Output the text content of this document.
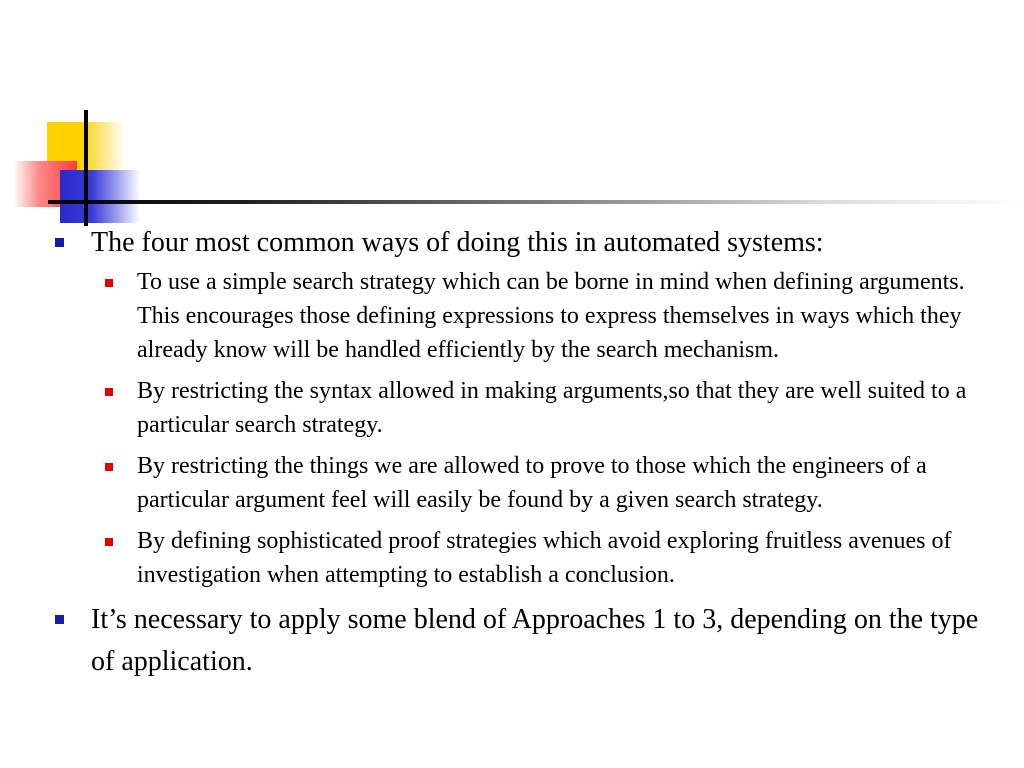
The four most common ways of doing this in automated systems:
To use a simple search strategy which can be borne in mind when defining arguments. This encourages those defining expressions to express themselves in ways which they already know will be handled efficiently by the search mechanism.
By restricting the syntax allowed in making arguments,so that they are well suited to a particular search strategy.
By restricting the things we are allowed to prove to those which the engineers of a particular argument feel will easily be found by a given search strategy.
By defining sophisticated proof strategies which avoid exploring fruitless avenues of investigation when attempting to establish a conclusion.
It’s necessary to apply some blend of Approaches 1 to 3, depending on the type of application.
